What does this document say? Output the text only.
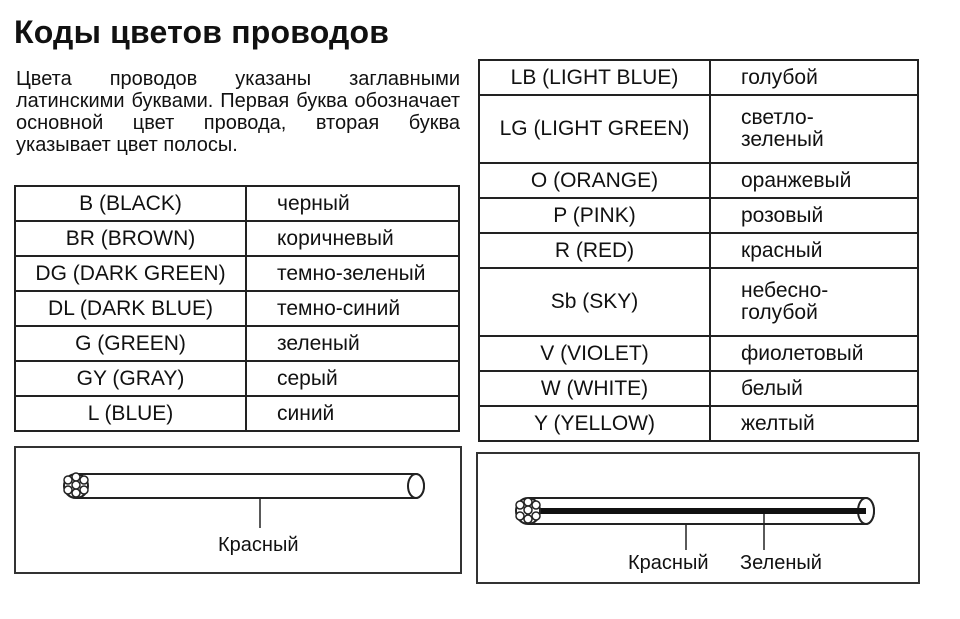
Коды цветов проводов
Цвета проводов указаны заглавными латинскими буквами. Первая буква обозначает основной цвет провода, вторая буква указывает цвет полосы.
B (BLACK)	черный
BR (BROWN)	коричневый
DG (DARK GREEN)	темно-зеленый
DL (DARK BLUE)	темно-синий
G (GREEN)	зеленый
GY (GRAY)	серый
L (BLUE)	синий
LB (LIGHT BLUE)	голубой
LG (LIGHT GREEN)	светло-
зеленый
O (ORANGE)	оранжевый
P (PINK)	розовый
R (RED)	красный
Sb (SKY)	небесно-
голубой
V (VIOLET)	фиолетовый
W (WHITE)	белый
Y (YELLOW)	желтый
Красный
Красный Зеленый
